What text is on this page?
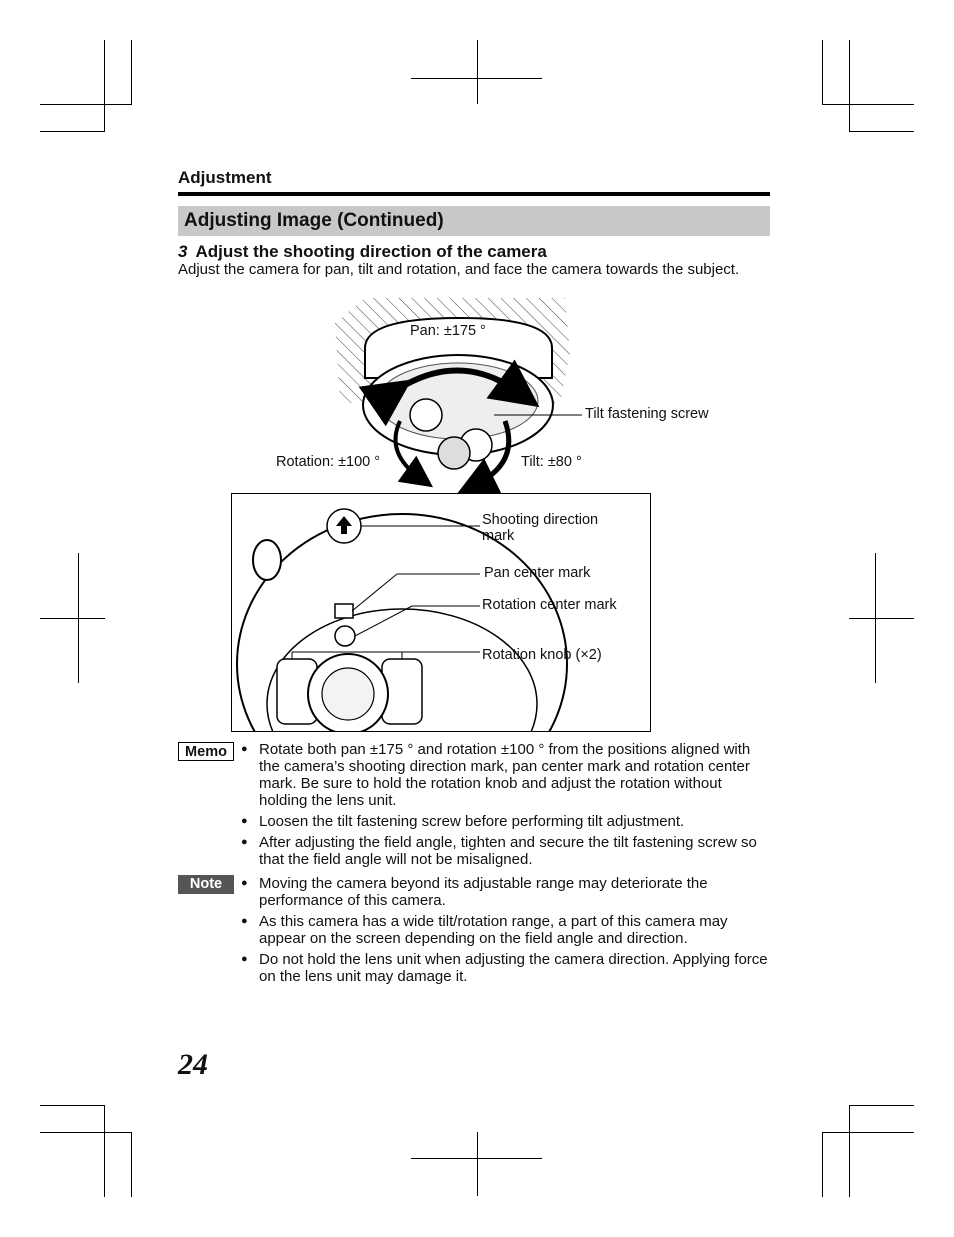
Adjustment
Adjusting Image (Continued)
3 Adjust the shooting direction of the camera
Adjust the camera for pan, tilt and rotation, and face the camera towards the subject.
Pan: ±175 °
Tilt fastening screw
Rotation: ±100 °	Tilt: ±80 °
Shooting direction
mark
Pan center mark
Rotation center mark
Rotation knob (×2)
Memo	● Rotate both pan ±175 ° and rotation ±100 ° from the positions aligned with the camera’s shooting direction mark, pan center mark and rotation center mark. Be sure to hold the rotation knob and adjust the rotation without holding the lens unit.
● Loosen the tilt fastening screw before performing tilt adjustment.
● After adjusting the field angle, tighten and secure the tilt fastening screw so that the field angle will not be misaligned.
Note	● Moving the camera beyond its adjustable range may deteriorate the performance of this camera.
● As this camera has a wide tilt/rotation range, a part of this camera may appear on the screen depending on the field angle and direction.
● Do not hold the lens unit when adjusting the camera direction. Applying force on the lens unit may damage it.
24
